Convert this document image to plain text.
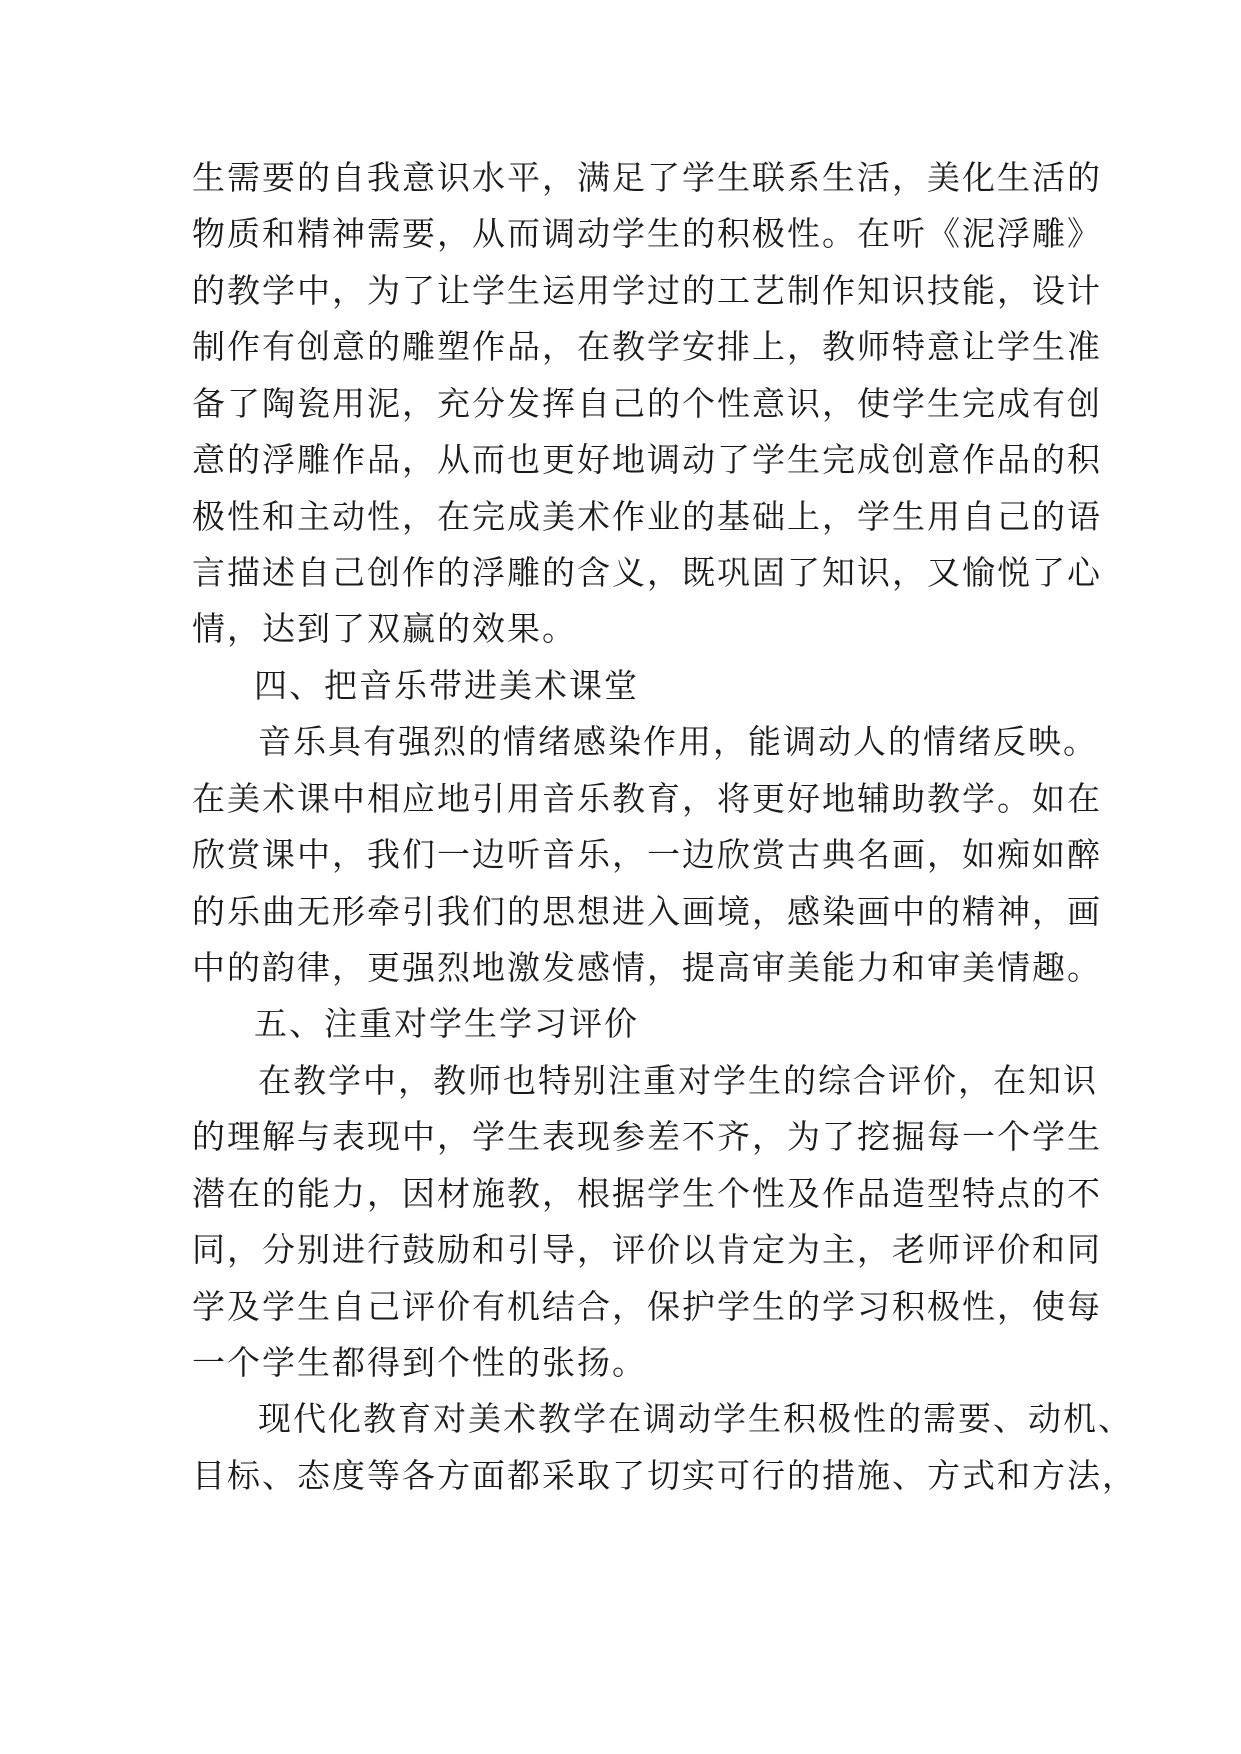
生需要的自我意识水平，满足了学生联系生活，美化生活的
物质和精神需要，从而调动学生的积极性。在听《泥浮雕》
的教学中，为了让学生运用学过的工艺制作知识技能，设计
制作有创意的雕塑作品，在教学安排上，教师特意让学生准
备了陶瓷用泥，充分发挥自己的个性意识，使学生完成有创
意的浮雕作品，从而也更好地调动了学生完成创意作品的积
极性和主动性，在完成美术作业的基础上，学生用自己的语
言描述自己创作的浮雕的含义，既巩固了知识，又愉悦了心
情，达到了双赢的效果。
四、把音乐带进美术课堂
音乐具有强烈的情绪感染作用，能调动人的情绪反映。
在美术课中相应地引用音乐教育，将更好地辅助教学。如在
欣赏课中，我们一边听音乐，一边欣赏古典名画，如痴如醉
的乐曲无形牵引我们的思想进入画境，感染画中的精神，画
中的韵律，更强烈地激发感情，提高审美能力和审美情趣。
五、注重对学生学习评价
在教学中，教师也特别注重对学生的综合评价，在知识
的理解与表现中，学生表现参差不齐，为了挖掘每一个学生
潜在的能力，因材施教，根据学生个性及作品造型特点的不
同，分别进行鼓励和引导，评价以肯定为主，老师评价和同
学及学生自己评价有机结合，保护学生的学习积极性，使每
一个学生都得到个性的张扬。
现代化教育对美术教学在调动学生积极性的需要、动机、
目标、态度等各方面都采取了切实可行的措施、方式和方法，
